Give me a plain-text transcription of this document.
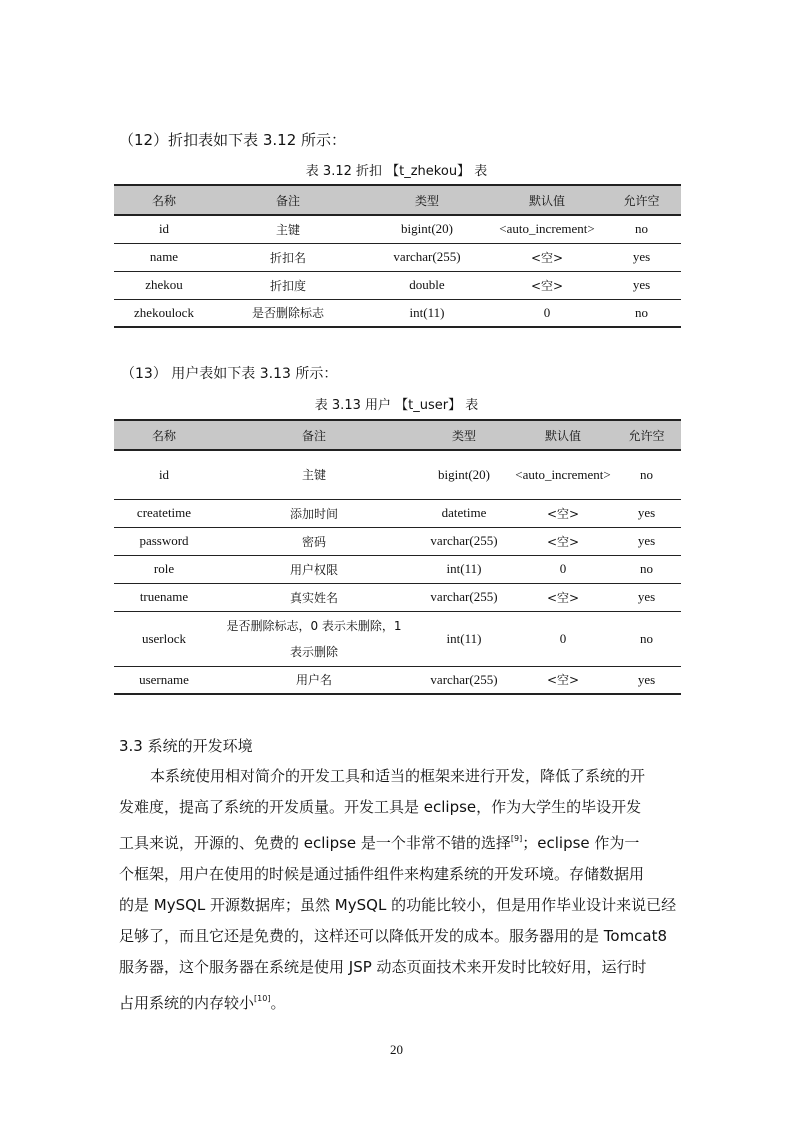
（12）折扣表如下表 3.12 所示：
表 3.12 折扣 【t_zhekou】 表
名称	备注	类型	默认值	允许空
id	主键	bigint(20)	<auto_increment>	no
name	折扣名	varchar(255)	<空>	yes
zhekou	折扣度	double	<空>	yes
zhekoulock	是否删除标志	int(11)	0	no
（13） 用户表如下表 3.13 所示：
表 3.13 用户 【t_user】 表
名称	备注	类型	默认值	允许空
id	主键	bigint(20)	<auto_increment>	no
createtime	添加时间	datetime	<空>	yes
password	密码	varchar(255)	<空>	yes
role	用户权限	int(11)	0	no
truename	真实姓名	varchar(255)	<空>	yes
userlock	是否删除标志，0 表示未删除，1 表示删除	int(11)	0	no
username	用户名	varchar(255)	<空>	yes
3.3 系统的开发环境
本系统使用相对简介的开发工具和适当的框架来进行开发，降低了系统的开
发难度，提高了系统的开发质量。开发工具是 eclipse，作为大学生的毕设开发
工具来说，开源的、免费的 eclipse 是一个非常不错的选择[9]；eclipse 作为一
个框架，用户在使用的时候是通过插件组件来构建系统的开发环境。存储数据用
的是 MySQL 开源数据库；虽然 MySQL 的功能比较小，但是用作毕业设计来说已经
足够了，而且它还是免费的，这样还可以降低开发的成本。服务器用的是 Tomcat8
服务器，这个服务器在系统是使用 JSP 动态页面技术来开发时比较好用，运行时
占用系统的内存较小[10]。
20
